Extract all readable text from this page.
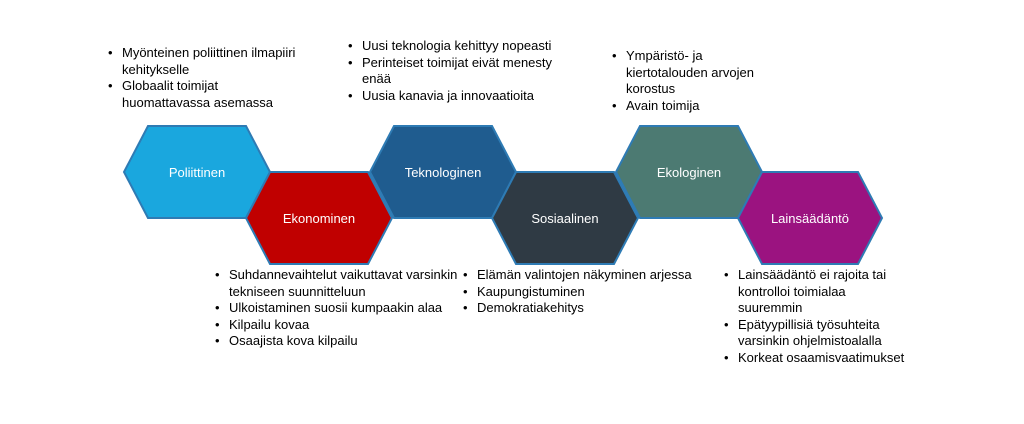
Poliittinen
Ekonominen
Teknologinen
Sosiaalinen
Ekologinen
Lainsäädäntö
• Myönteinen poliittinen ilmapiiri kehitykselle
• Globaalit toimijat huomattavassa asemassa
• Uusi teknologia kehittyy nopeasti
• Perinteiset toimijat eivät menesty enää
• Uusia kanavia ja innovaatioita
• Ympäristö- ja kiertotalouden arvojen korostus
• Avain toimija
• Suhdannevaihtelut vaikuttavat varsinkin tekniseen suunnitteluun
• Ulkoistaminen suosii kumpaakin alaa
• Kilpailu kovaa
• Osaajista kova kilpailu
• Elämän valintojen näkyminen arjessa
• Kaupungistuminen
• Demokratiakehitys
• Lainsäädäntö ei rajoita tai kontrolloi toimialaa suuremmin
• Epätyypillisiä työsuhteita varsinkin ohjelmistoalalla
• Korkeat osaamisvaatimukset
